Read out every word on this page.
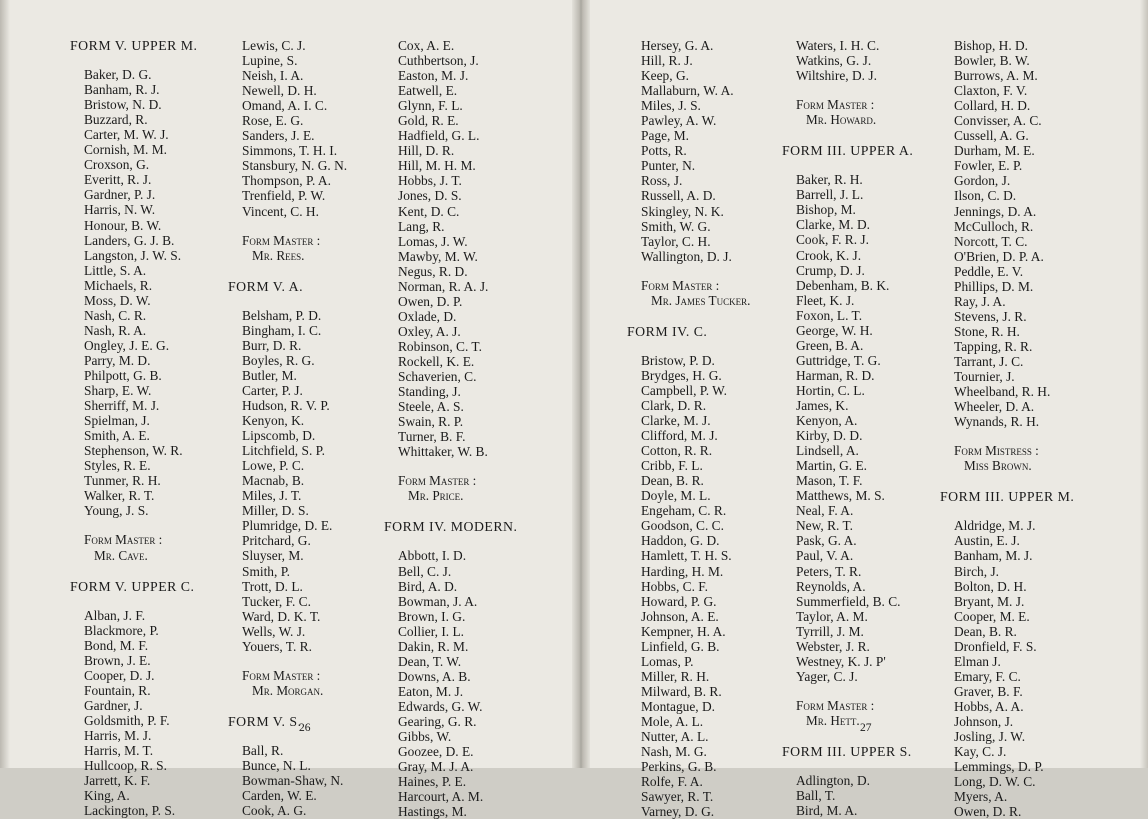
FORM V. UPPER M.
Baker, D. G.
Banham, R. J.
Bristow, N. D.
Buzzard, R.
Carter, M. W. J.
Cornish, M. M.
Croxson, G.
Everitt, R. J.
Gardner, P. J.
Harris, N. W.
Honour, B. W.
Landers, G. J. B.
Langston, J. W. S.
Little, S. A.
Michaels, R.
Moss, D. W.
Nash, C. R.
Nash, R. A.
Ongley, J. E. G.
Parry, M. D.
Philpott, G. B.
Sharp, E. W.
Sherriff, M. J.
Spielman, J.
Smith, A. E.
Stephenson, W. R.
Styles, R. E.
Tunmer, R. H.
Walker, R. T.
Young, J. S.
Form Master :
Mr. Cave.
FORM V. UPPER C.
Alban, J. F.
Blackmore, P.
Bond, M. F.
Brown, J. E.
Cooper, D. J.
Fountain, R.
Gardner, J.
Goldsmith, P. F.
Harris, M. J.
Harris, M. T.
Hullcoop, R. S.
Jarrett, K. F.
King, A.
Lackington, P. S.
Lewis, C. J.
Lupine, S.
Neish, I. A.
Newell, D. H.
Omand, A. I. C.
Rose, E. G.
Sanders, J. E.
Simmons, T. H. I.
Stansbury, N. G. N.
Thompson, P. A.
Trenfield, P. W.
Vincent, C. H.
Form Master :
Mr. Rees.
FORM V. A.
Belsham, P. D.
Bingham, I. C.
Burr, D. R.
Boyles, R. G.
Butler, M.
Carter, P. J.
Hudson, R. V. P.
Kenyon, K.
Lipscomb, D.
Litchfield, S. P.
Lowe, P. C.
Macnab, B.
Miles, J. T.
Miller, D. S.
Plumridge, D. E.
Pritchard, G.
Sluyser, M.
Smith, P.
Trott, D. L.
Tucker, F. C.
Ward, D. K. T.
Wells, W. J.
Youers, T. R.
Form Master :
Mr. Morgan.
FORM V. S.
Ball, R.
Bunce, N. L.
Bowman-Shaw, N.
Carden, W. E.
Cook, A. G.
Cox, A. E.
Cuthbertson, J.
Easton, M. J.
Eatwell, E.
Glynn, F. L.
Gold, R. E.
Hadfield, G. L.
Hill, D. R.
Hill, M. H. M.
Hobbs, J. T.
Jones, D. S.
Kent, D. C.
Lang, R.
Lomas, J. W.
Mawby, M. W.
Negus, R. D.
Norman, R. A. J.
Owen, D. P.
Oxlade, D.
Oxley, A. J.
Robinson, C. T.
Rockell, K. E.
Schaverien, C.
Standing, J.
Steele, A. S.
Swain, R. P.
Turner, B. F.
Whittaker, W. B.
Form Master :
Mr. Price.
FORM IV. MODERN.
Abbott, I. D.
Bell, C. J.
Bird, A. D.
Bowman, J. A.
Brown, I. G.
Collier, I. L.
Dakin, R. M.
Dean, T. W.
Downs, A. B.
Eaton, M. J.
Edwards, G. W.
Gearing, G. R.
Gibbs, W.
Goozee, D. E.
Gray, M. J. A.
Haines, P. E.
Harcourt, A. M.
Hastings, M.
26
Hersey, G. A.
Hill, R. J.
Keep, G.
Mallaburn, W. A.
Miles, J. S.
Pawley, A. W.
Page, M.
Potts, R.
Punter, N.
Ross, J.
Russell, A. D.
Skingley, N. K.
Smith, W. G.
Taylor, C. H.
Wallington, D. J.
Form Master :
Mr. James Tucker.
FORM IV. C.
Bristow, P. D.
Brydges, H. G.
Campbell, P. W.
Clark, D. R.
Clarke, M. J.
Clifford, M. J.
Cotton, R. R.
Cribb, F. L.
Dean, B. R.
Doyle, M. L.
Engeham, C. R.
Goodson, C. C.
Haddon, G. D.
Hamlett, T. H. S.
Harding, H. M.
Hobbs, C. F.
Howard, P. G.
Johnson, A. E.
Kempner, H. A.
Linfield, G. B.
Lomas, P.
Miller, R. H.
Milward, B. R.
Montague, D.
Mole, A. L.
Nutter, A. L.
Nash, M. G.
Perkins, G. B.
Rolfe, F. A.
Sawyer, R. T.
Varney, D. G.
Waters, I. H. C.
Watkins, G. J.
Wiltshire, D. J.
Form Master :
Mr. Howard.
FORM III. UPPER A.
Baker, R. H.
Barrell, J. L.
Bishop, M.
Clarke, M. D.
Cook, F. R. J.
Crook, K. J.
Crump, D. J.
Debenham, B. K.
Fleet, K. J.
Foxon, L. T.
George, W. H.
Green, B. A.
Guttridge, T. G.
Harman, R. D.
Hortin, C. L.
James, K.
Kenyon, A.
Kirby, D. D.
Lindsell, A.
Martin, G. E.
Mason, T. F.
Matthews, M. S.
Neal, F. A.
New, R. T.
Pask, G. A.
Paul, V. A.
Peters, T. R.
Reynolds, A.
Summerfield, B. C.
Taylor, A. M.
Tyrrill, J. M.
Webster, J. R.
Westney, K. J. P'
Yager, C. J.
Form Master :
Mr. Hett.
FORM III. UPPER S.
Adlington, D.
Ball, T.
Bird, M. A.
Bishop, H. D.
Bowler, B. W.
Burrows, A. M.
Claxton, F. V.
Collard, H. D.
Convisser, A. C.
Cussell, A. G.
Durham, M. E.
Fowler, E. P.
Gordon, J.
Ilson, C. D.
Jennings, D. A.
McCulloch, R.
Norcott, T. C.
O'Brien, D. P. A.
Peddle, E. V.
Phillips, D. M.
Ray, J. A.
Stevens, J. R.
Stone, R. H.
Tapping, R. R.
Tarrant, J. C.
Tournier, J.
Wheelband, R. H.
Wheeler, D. A.
Wynands, R. H.
Form Mistress :
Miss Brown.
FORM III. UPPER M.
Aldridge, M. J.
Austin, E. J.
Banham, M. J.
Birch, J.
Bolton, D. H.
Bryant, M. J.
Cooper, M. E.
Dean, B. R.
Dronfield, F. S.
Elman J.
Emary, F. C.
Graver, B. F.
Hobbs, A. A.
Johnson, J.
Josling, J. W.
Kay, C. J.
Lemmings, D. P.
Long, D. W. C.
Myers, A.
Owen, D. R.
27
